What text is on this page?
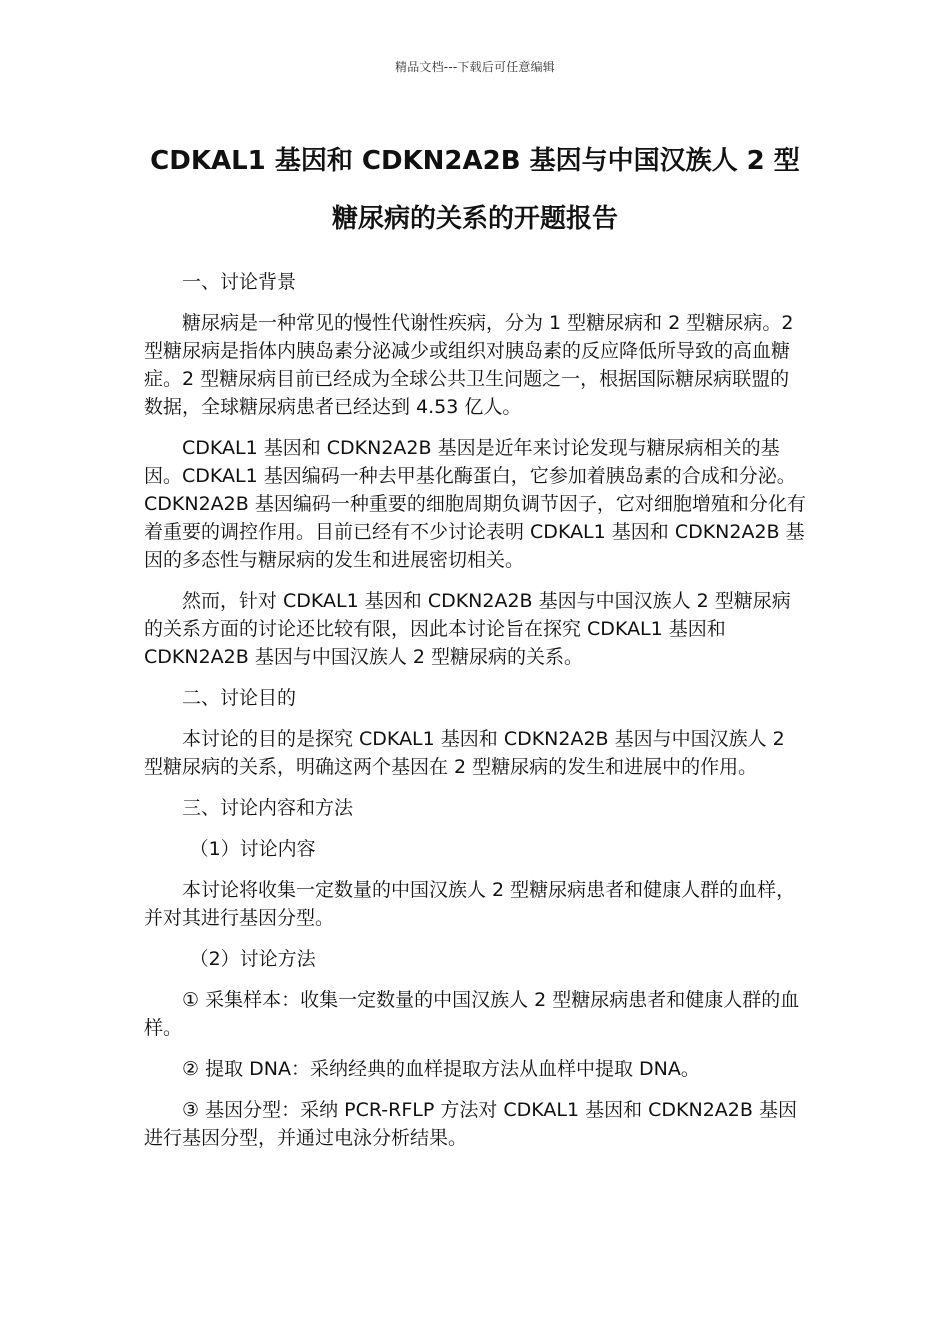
精品文档---下载后可任意编辑
CDKAL1 基因和 CDKN2A2B 基因与中国汉族人 2 型
糖尿病的关系的开题报告

一、讨论背景

糖尿病是一种常见的慢性代谢性疾病，分为 1 型糖尿病和 2 型糖尿病。2 型糖尿病是指体内胰岛素分泌减少或组织对胰岛素的反应降低所导致的高血糖症。2 型糖尿病目前已经成为全球公共卫生问题之一，根据国际糖尿病联盟的数据，全球糖尿病患者已经达到 4.53 亿人。

CDKAL1 基因和 CDKN2A2B 基因是近年来讨论发现与糖尿病相关的基因。CDKAL1 基因编码一种去甲基化酶蛋白，它参加着胰岛素的合成和分泌。CDKN2A2B 基因编码一种重要的细胞周期负调节因子，它对细胞增殖和分化有着重要的调控作用。目前已经有不少讨论表明 CDKAL1 基因和 CDKN2A2B 基因的多态性与糖尿病的发生和进展密切相关。

然而，针对 CDKAL1 基因和 CDKN2A2B 基因与中国汉族人 2 型糖尿病的关系方面的讨论还比较有限，因此本讨论旨在探究 CDKAL1 基因和 CDKN2A2B 基因与中国汉族人 2 型糖尿病的关系。

二、讨论目的

本讨论的目的是探究 CDKAL1 基因和 CDKN2A2B 基因与中国汉族人 2 型糖尿病的关系，明确这两个基因在 2 型糖尿病的发生和进展中的作用。

三、讨论内容和方法

（1）讨论内容

本讨论将收集一定数量的中国汉族人 2 型糖尿病患者和健康人群的血样，并对其进行基因分型。

（2）讨论方法

① 采集样本：收集一定数量的中国汉族人 2 型糖尿病患者和健康人群的血样。

② 提取 DNA：采纳经典的血样提取方法从血样中提取 DNA。

③ 基因分型：采纳 PCR-RFLP 方法对 CDKAL1 基因和 CDKN2A2B 基因进行基因分型，并通过电泳分析结果。
